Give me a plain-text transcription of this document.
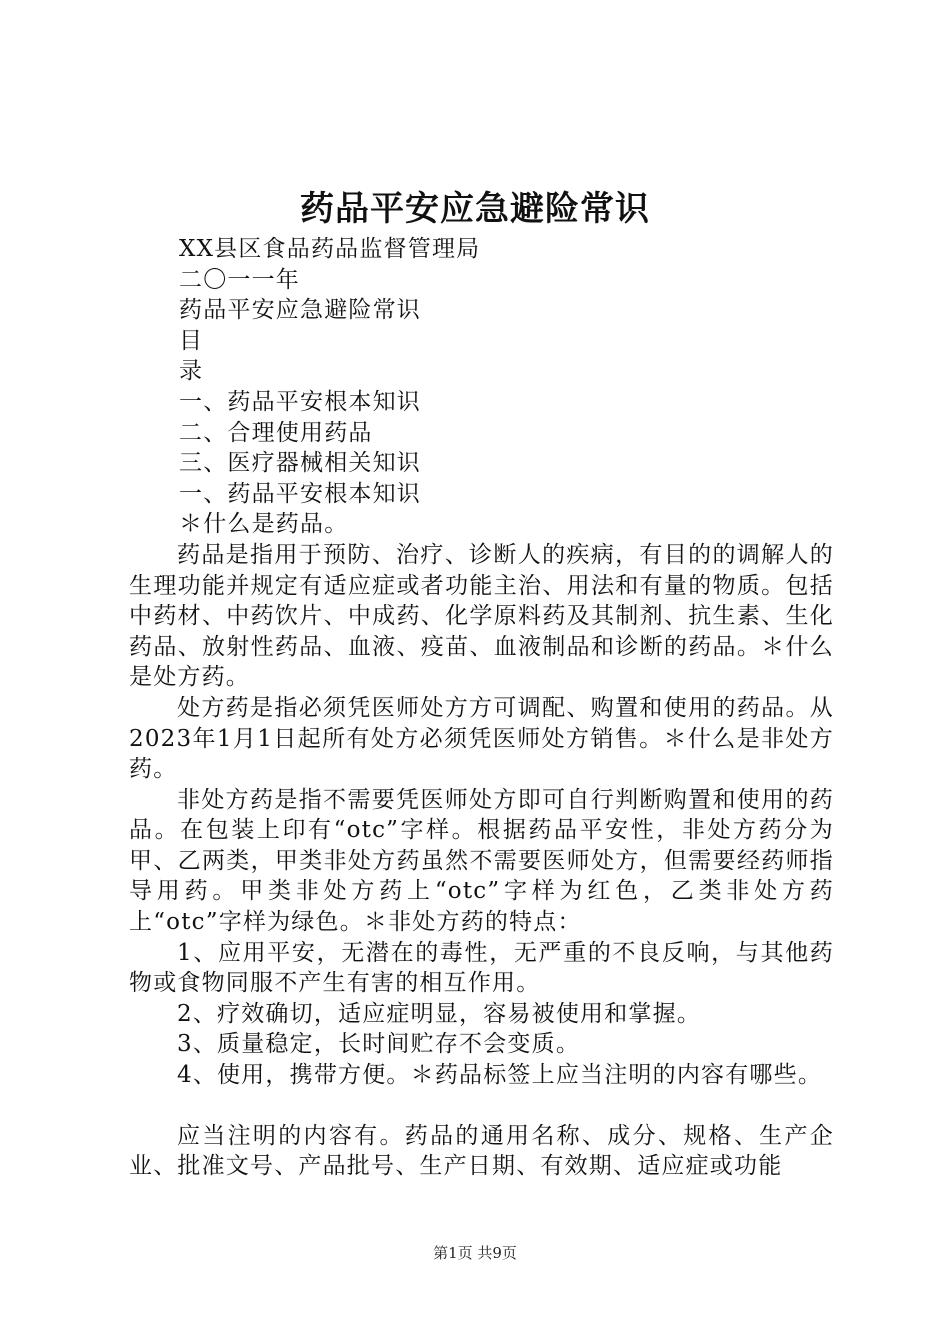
药品平安应急避险常识

XX县区食品药品监督管理局

二〇一一年

药品平安应急避险常识

目

录

一、药品平安根本知识

二、合理使用药品

三、医疗器械相关知识

一、药品平安根本知识

＊什么是药品。

药品是指用于预防、治疗、诊断人的疾病，有目的的调解人的生理功能并规定有适应症或者功能主治、用法和有量的物质。包括中药材、中药饮片、中成药、化学原料药及其制剂、抗生素、生化药品、放射性药品、血液、疫苗、血液制品和诊断的药品。＊什么是处方药。

处方药是指必须凭医师处方方可调配、购置和使用的药品。从2023年1月1日起所有处方必须凭医师处方销售。＊什么是非处方药。

非处方药是指不需要凭医师处方即可自行判断购置和使用的药品。在包装上印有“otc”字样。根据药品平安性，非处方药分为甲、乙两类，甲类非处方药虽然不需要医师处方，但需要经药师指导用药。甲类非处方药上“otc”字样为红色，乙类非处方药上“otc”字样为绿色。＊非处方药的特点：

1、应用平安，无潜在的毒性，无严重的不良反响，与其他药物或食物同服不产生有害的相互作用。

2、疗效确切，适应症明显，容易被使用和掌握。

3、质量稳定，长时间贮存不会变质。

4、使用，携带方便。＊药品标签上应当注明的内容有哪些。

应当注明的内容有。药品的通用名称、成分、规格、生产企业、批准文号、产品批号、生产日期、有效期、适应症或功能

第1页 共9页
